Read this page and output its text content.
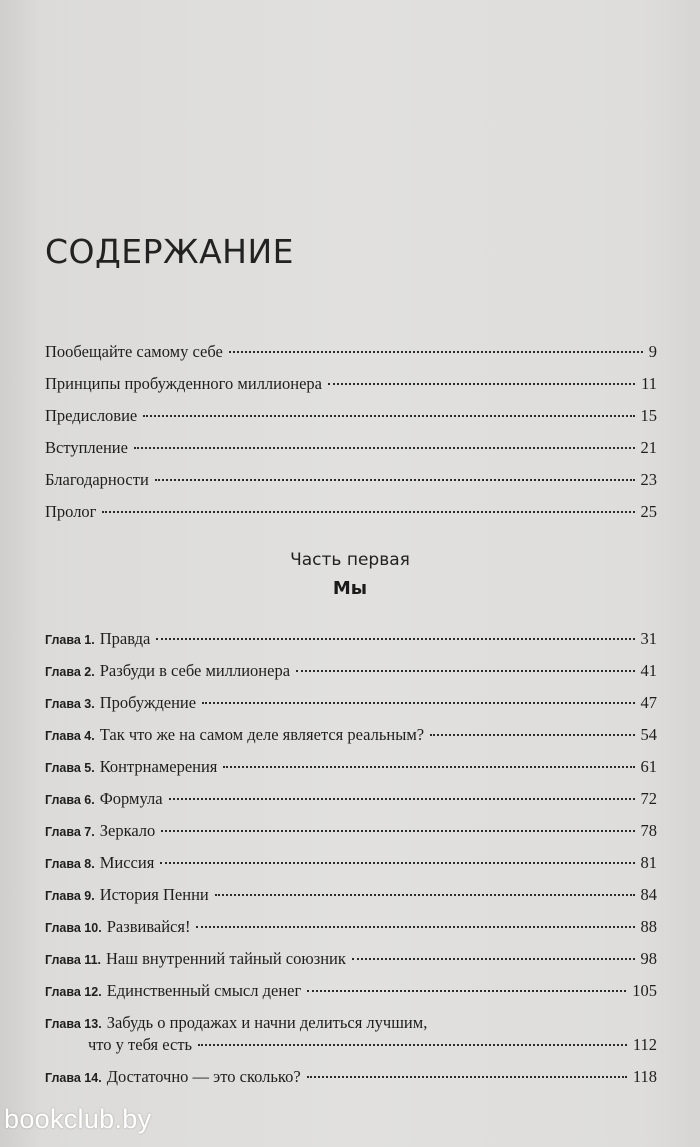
СОДЕРЖАНИЕ
Пообещайте самому себе	9
Принципы пробужденного миллионера	11
Предисловие	15
Вступление	21
Благодарности	23
Пролог	25
Часть первая
Мы
Глава 1. Правда	31
Глава 2. Разбуди в себе миллионера	41
Глава 3. Пробуждение	47
Глава 4. Так что же на самом деле является реальным?	54
Глава 5. Контрнамерения	61
Глава 6. Формула	72
Глава 7. Зеркало	78
Глава 8. Миссия	81
Глава 9. История Пенни	84
Глава 10. Развивайся!	88
Глава 11. Наш внутренний тайный союзник	98
Глава 12. Единственный смысл денег	105
Глава 13. Забудь о продажах и начни делиться лучшим,
что у тебя есть	112
Глава 14. Достаточно — это сколько?	118
bookclub.by
